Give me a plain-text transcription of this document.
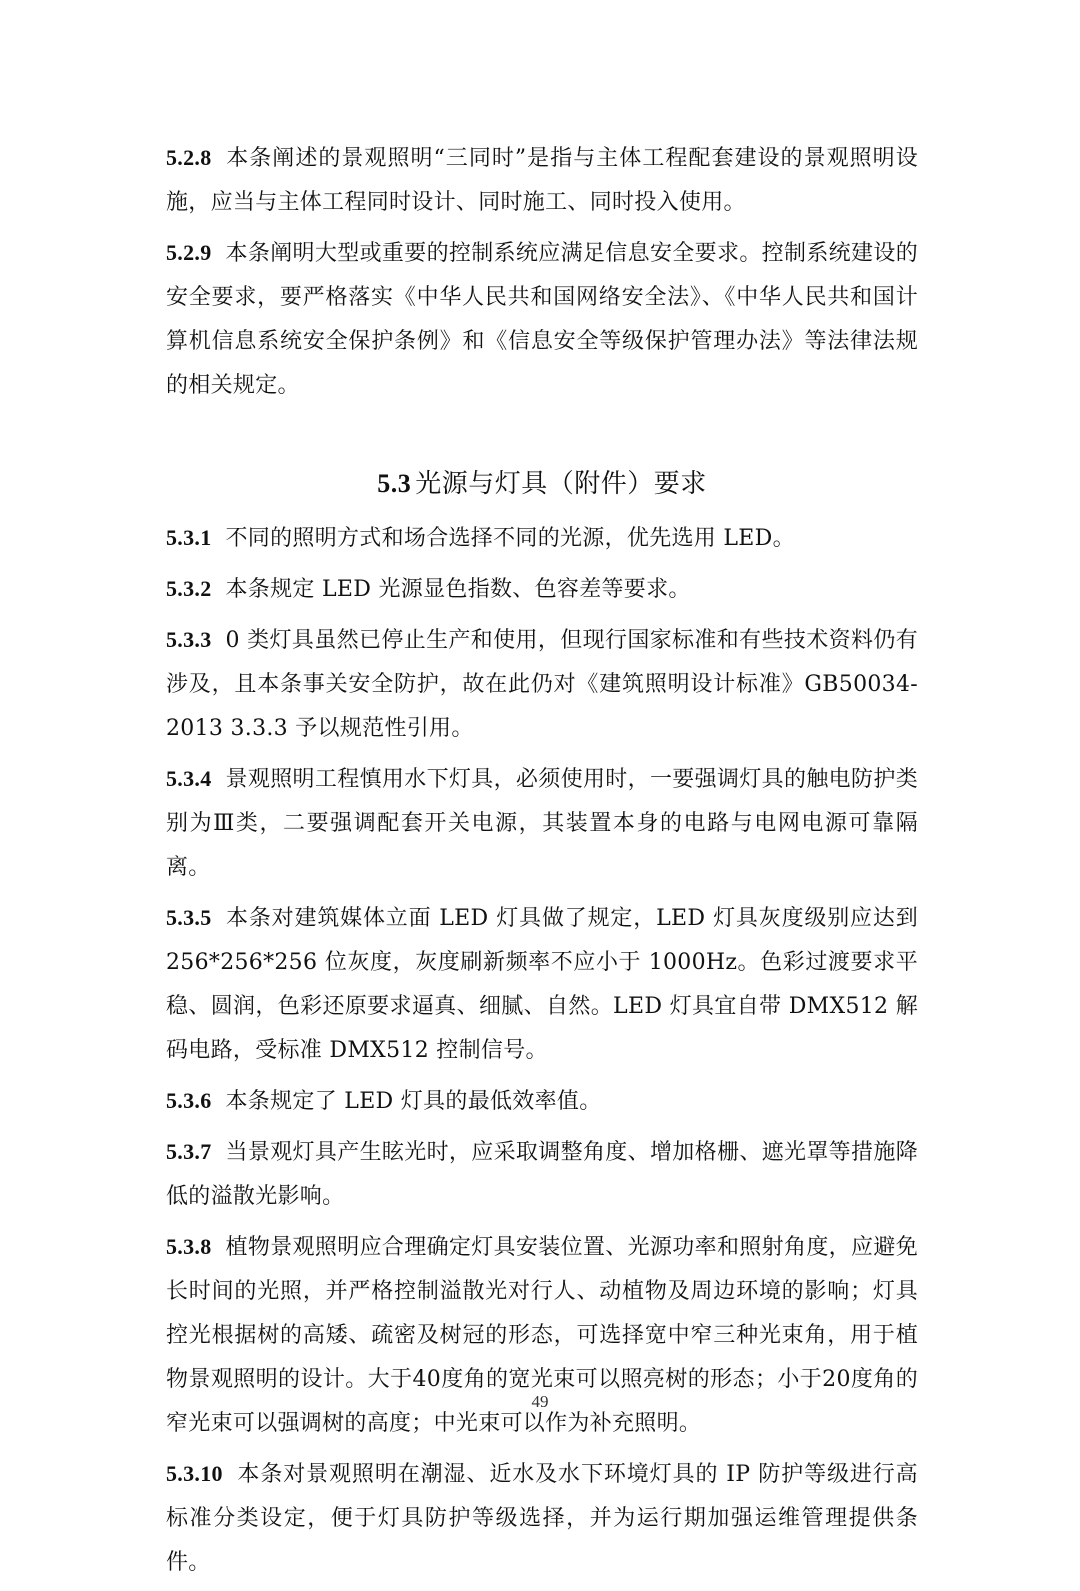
5.2.8 本条阐述的景观照明“三同时”是指与主体工程配套建设的景观照明设施，应当与主体工程同时设计、同时施工、同时投入使用。

5.2.9 本条阐明大型或重要的控制系统应满足信息安全要求。控制系统建设的安全要求，要严格落实《中华人民共和国网络安全法》、《中华人民共和国计算机信息系统安全保护条例》和《信息安全等级保护管理办法》等法律法规的相关规定。

5.3 光源与灯具（附件）要求

5.3.1 不同的照明方式和场合选择不同的光源，优先选用 LED。

5.3.2 本条规定 LED 光源显色指数、色容差等要求。

5.3.3 0 类灯具虽然已停止生产和使用，但现行国家标准和有些技术资料仍有涉及，且本条事关安全防护，故在此仍对《建筑照明设计标准》GB50034-2013 3.3.3 予以规范性引用。

5.3.4 景观照明工程慎用水下灯具，必须使用时，一要强调灯具的触电防护类别为Ⅲ类，二要强调配套开关电源，其装置本身的电路与电网电源可靠隔离。

5.3.5 本条对建筑媒体立面 LED 灯具做了规定，LED 灯具灰度级别应达到 256*256*256 位灰度，灰度刷新频率不应小于 1000Hz。色彩过渡要求平稳、圆润，色彩还原要求逼真、细腻、自然。LED 灯具宜自带 DMX512 解码电路，受标准 DMX512 控制信号。

5.3.6 本条规定了 LED 灯具的最低效率值。

5.3.7 当景观灯具产生眩光时，应采取调整角度、增加格栅、遮光罩等措施降低的溢散光影响。

5.3.8 植物景观照明应合理确定灯具安装位置、光源功率和照射角度，应避免长时间的光照，并严格控制溢散光对行人、动植物及周边环境的影响；灯具控光根据树的高矮、疏密及树冠的形态，可选择宽中窄三种光束角，用于植物景观照明的设计。大于40度角的宽光束可以照亮树的形态；小于20度角的窄光束可以强调树的高度；中光束可以作为补充照明。

5.3.10 本条对景观照明在潮湿、近水及水下环境灯具的 IP 防护等级进行高标准分类设定，便于灯具防护等级选择，并为运行期加强运维管理提供条件。

49
